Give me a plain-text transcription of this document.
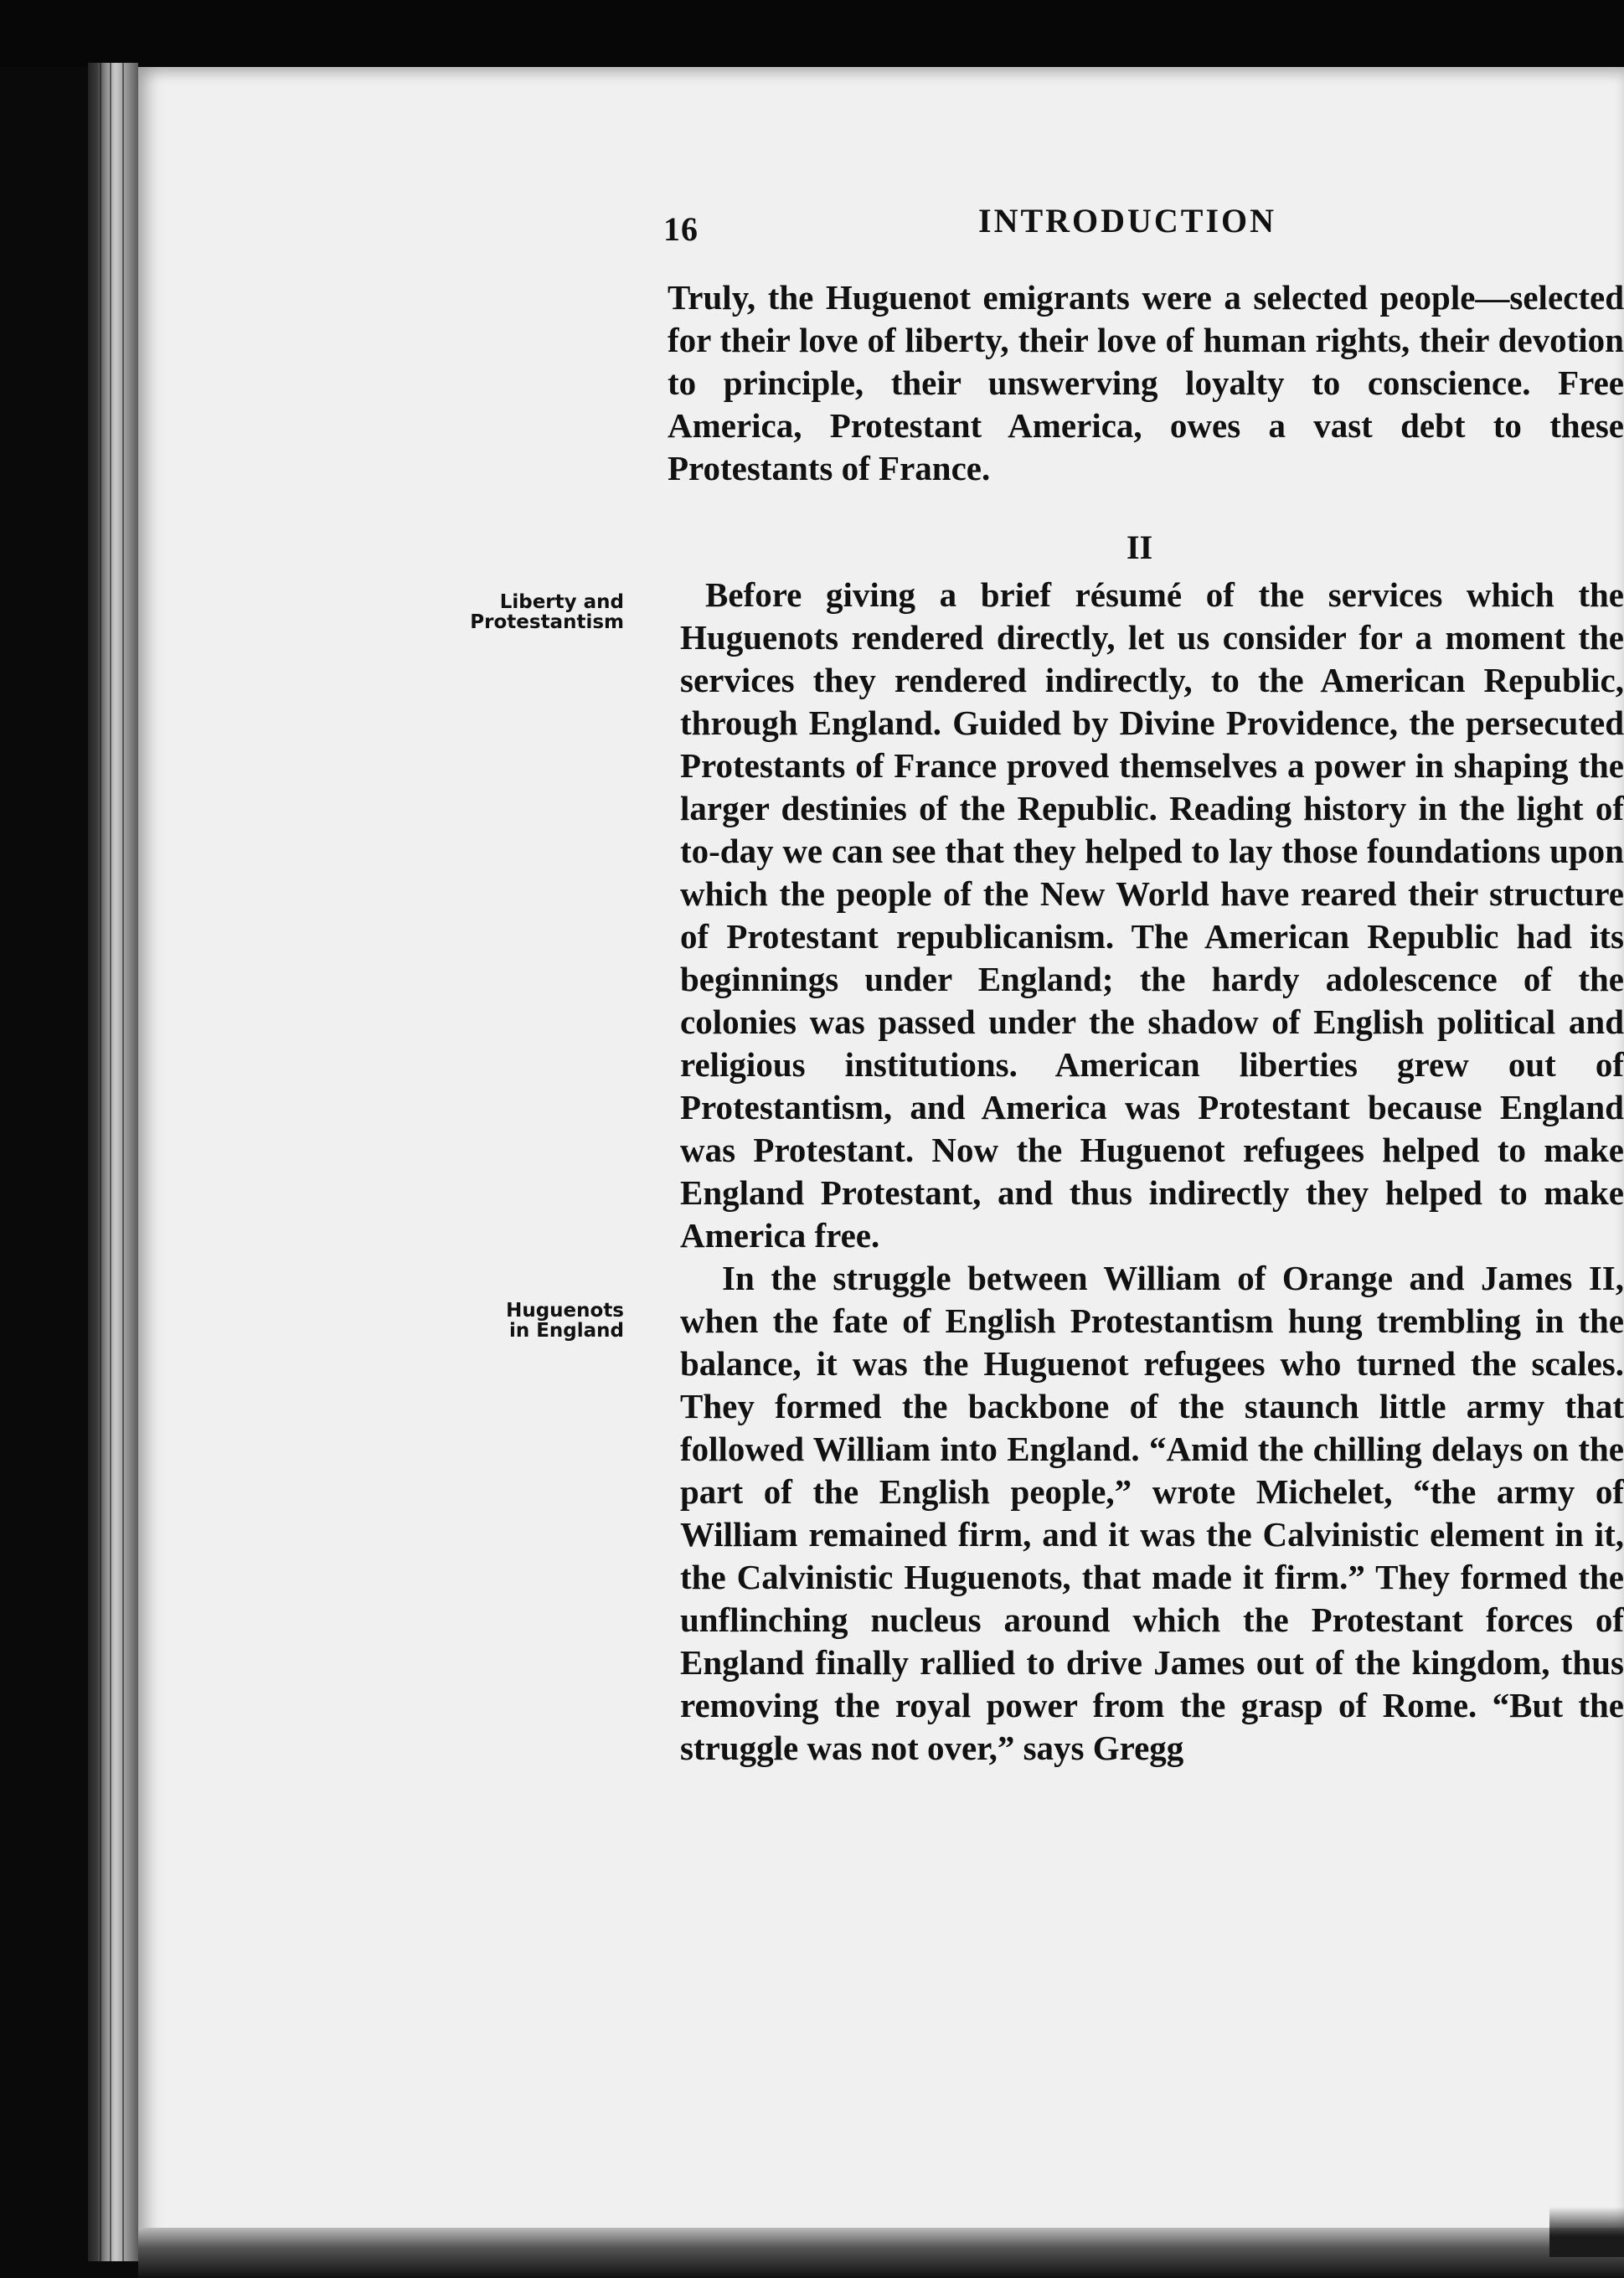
16	INTRODUCTION

Truly, the Huguenot emigrants were a selected people—selected for their love of liberty, their love of human rights, their devotion to principle, their unswerving loyalty to conscience. Free America, Protestant America, owes a vast debt to these Protestants of France.

II
Liberty and
Protestantism
Huguenots
in England

Before giving a brief résumé of the services which the Huguenots rendered directly, let us consider for a moment the services they rendered indirectly, to the American Republic, through England. Guided by Divine Providence, the persecuted Protestants of France proved themselves a power in shaping the larger destinies of the Republic. Reading history in the light of to-day we can see that they helped to lay those foundations upon which the people of the New World have reared their structure of Protestant republicanism. The American Republic had its beginnings under England; the hardy adolescence of the colonies was passed under the shadow of English political and religious institutions. American liberties grew out of Protestantism, and America was Protestant because England was Protestant. Now the Huguenot refugees helped to make England Protestant, and thus indirectly they helped to make America free.

In the struggle between William of Orange and James II, when the fate of English Protestantism hung trembling in the balance, it was the Huguenot refugees who turned the scales. They formed the backbone of the staunch little army that followed William into England. “Amid the chilling delays on the part of the English people,” wrote Michelet, “the army of William remained firm, and it was the Calvinistic element in it, the Calvinistic Huguenots, that made it firm.” They formed the unflinching nucleus around which the Protestant forces of England finally rallied to drive James out of the kingdom, thus removing the royal power from the grasp of Rome. “But the struggle was not over,” says Gregg
